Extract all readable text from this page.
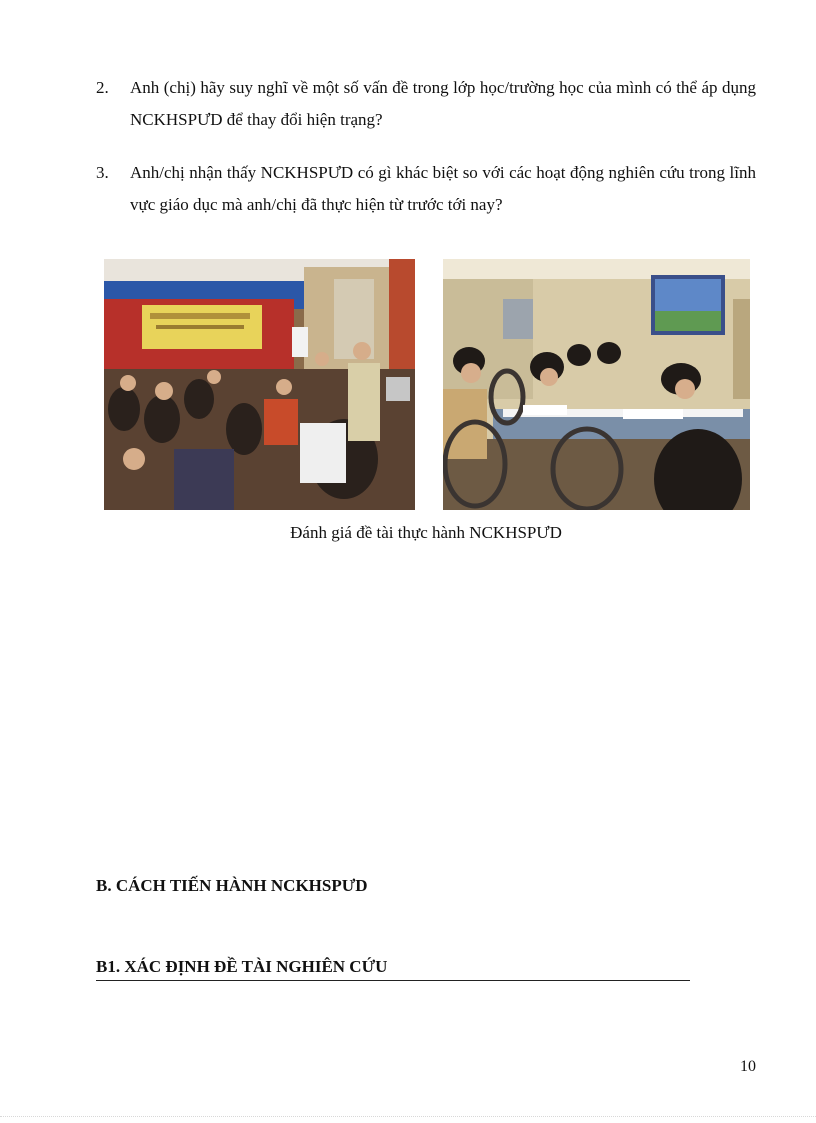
2. Anh (chị) hãy suy nghĩ về một số vấn đề trong lớp học/trường học của mình có thể áp dụng NCKHSPƯD để thay đổi hiện trạng?
3. Anh/chị nhận thấy NCKHSPƯD có gì khác biệt so với các hoạt động nghiên cứu trong lĩnh vực giáo dục mà anh/chị đã thực hiện từ trước tới nay?
Đánh giá đề tài thực hành NCKHSPƯD
B. CÁCH TIẾN HÀNH NCKHSPƯD
B1. XÁC ĐỊNH ĐỀ TÀI NGHIÊN CỨU
10
